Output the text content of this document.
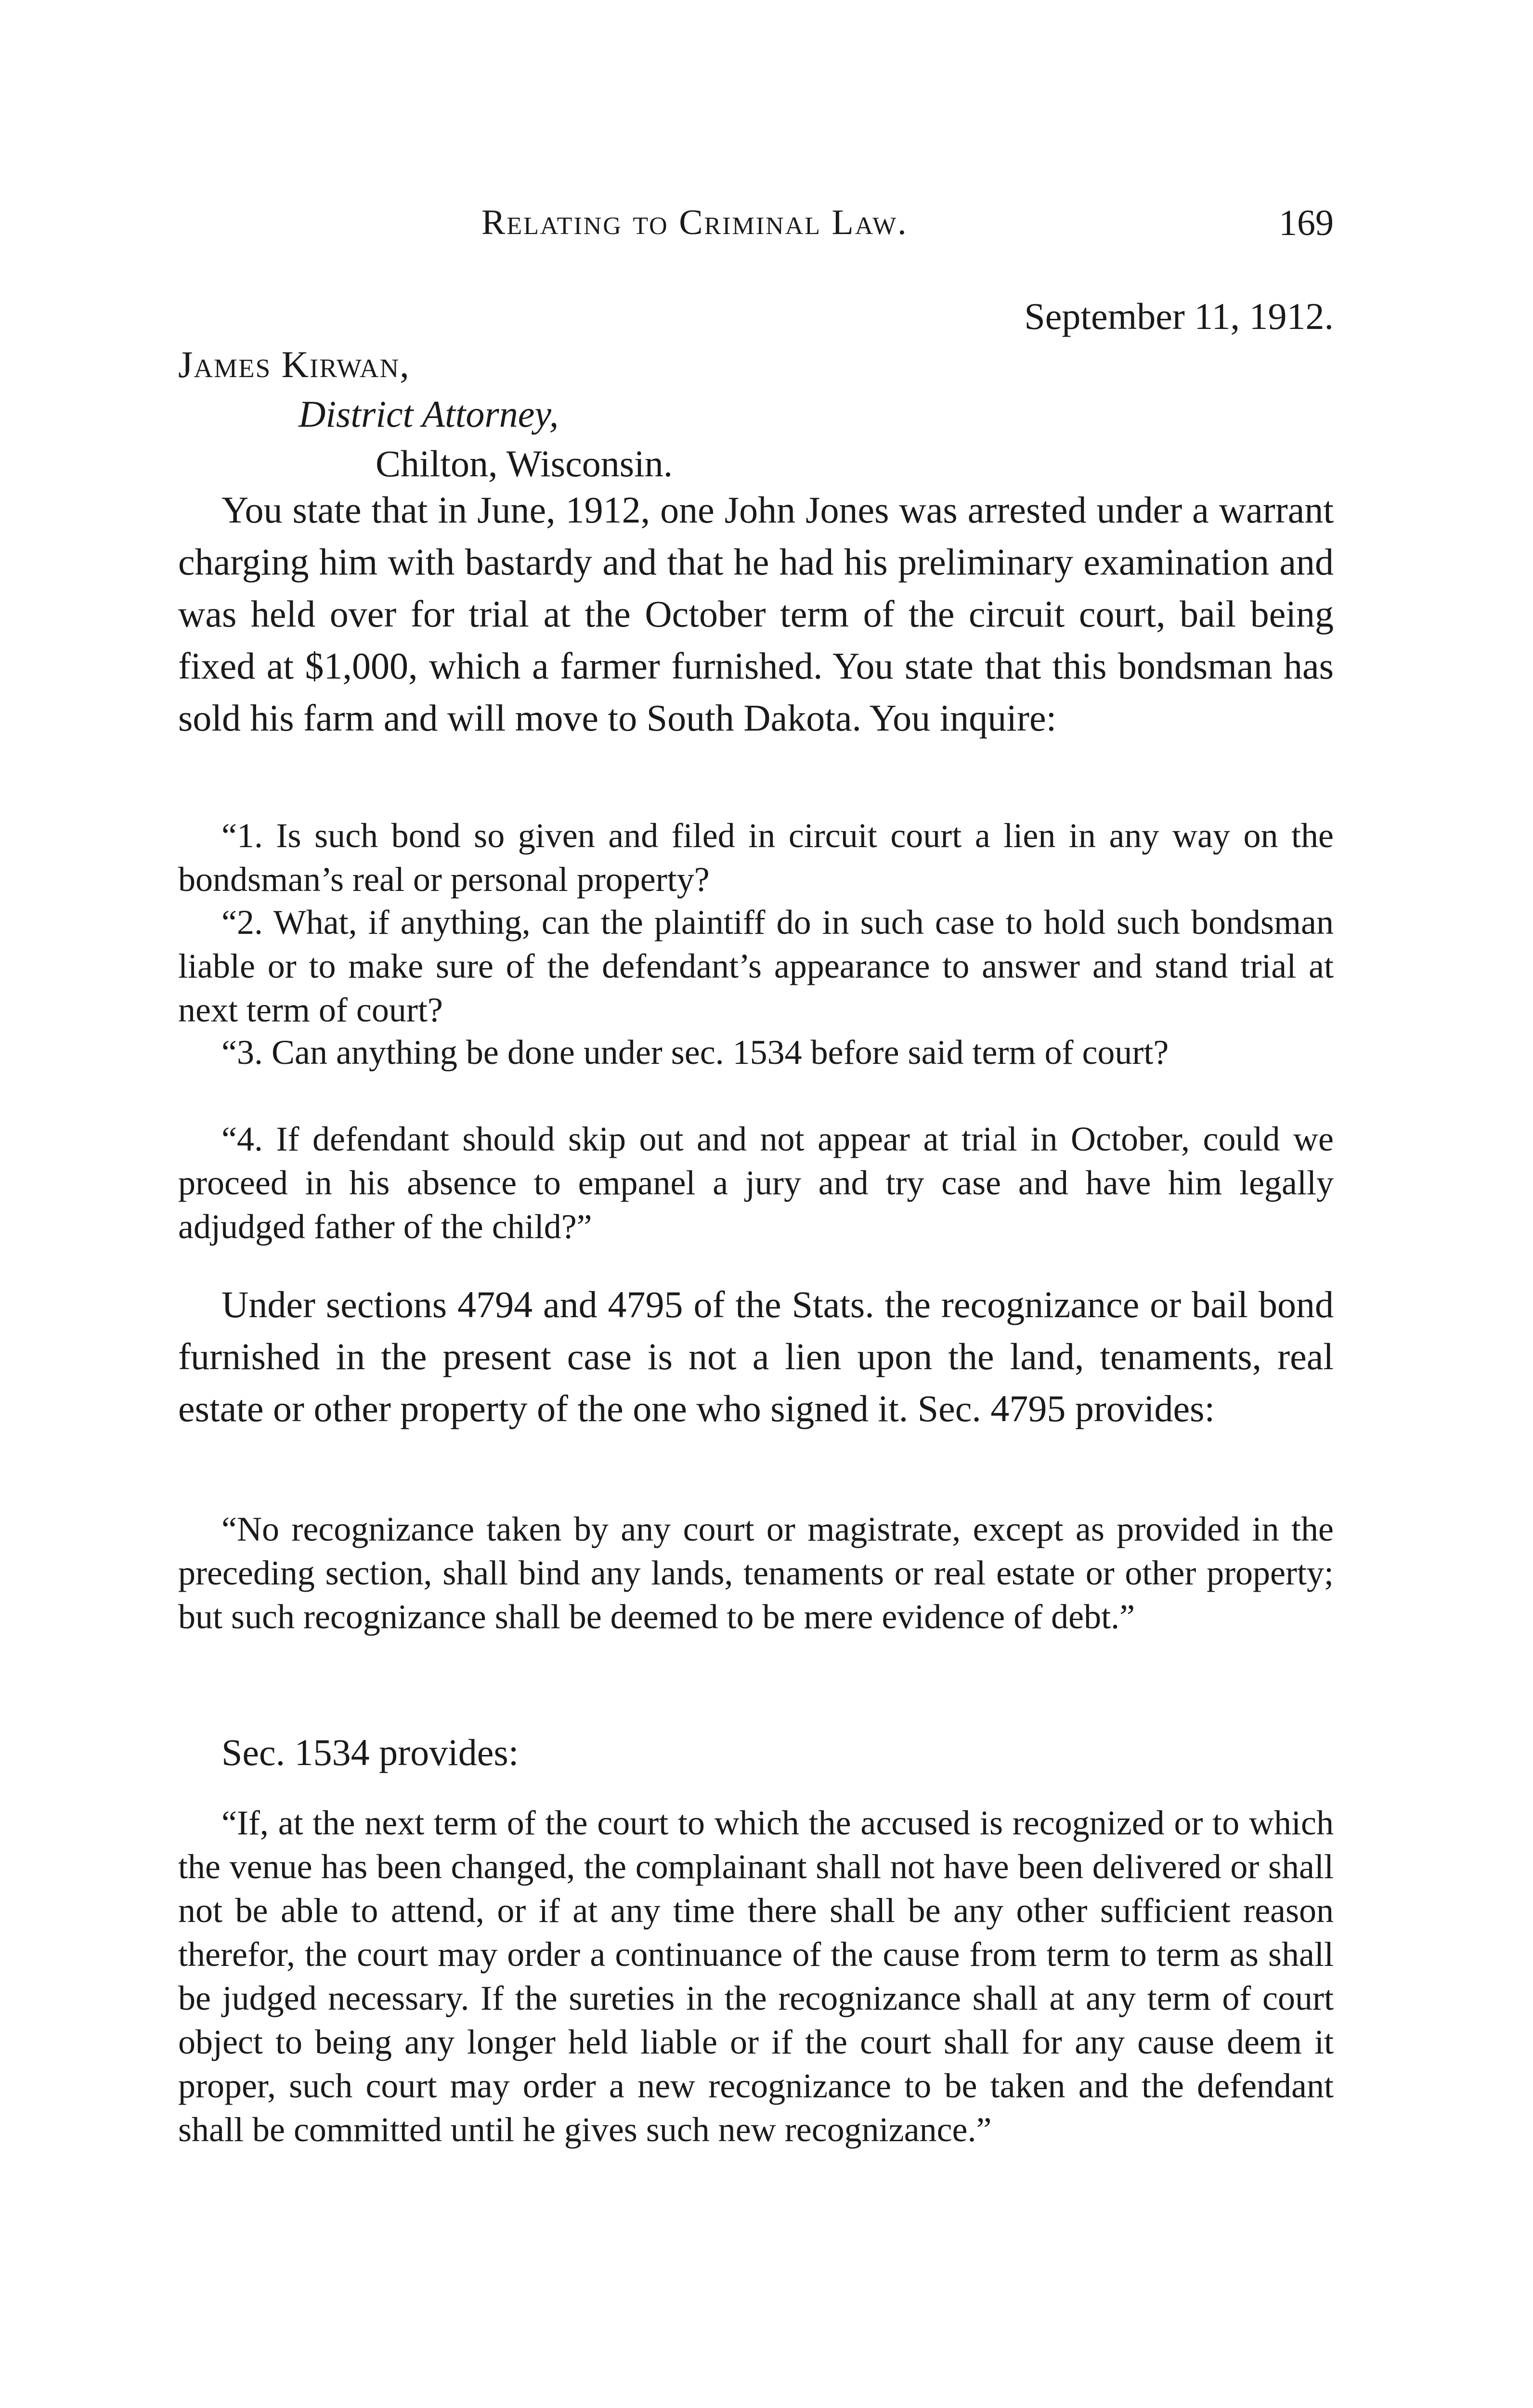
Relating to Criminal Law.	169
September 11, 1912.
James Kirwan,
District Attorney,
Chilton, Wisconsin.

You state that in June, 1912, one John Jones was arrested under a warrant charging him with bastardy and that he had his preliminary examination and was held over for trial at the October term of the circuit court, bail being fixed at $1,000, which a farmer furnished. You state that this bondsman has sold his farm and will move to South Dakota. You inquire:

“1. Is such bond so given and filed in circuit court a lien in any way on the bondsman’s real or personal property?

“2. What, if anything, can the plaintiff do in such case to hold such bondsman liable or to make sure of the defendant’s appearance to answer and stand trial at next term of court?

“3. Can anything be done under sec. 1534 before said term of court?

“4. If defendant should skip out and not appear at trial in October, could we proceed in his absence to empanel a jury and try case and have him legally adjudged father of the child?”

Under sections 4794 and 4795 of the Stats. the recognizance or bail bond furnished in the present case is not a lien upon the land, tenaments, real estate or other property of the one who signed it. Sec. 4795 provides:

“No recognizance taken by any court or magistrate, except as provided in the preceding section, shall bind any lands, tenaments or real estate or other property; but such recognizance shall be deemed to be mere evidence of debt.”

Sec. 1534 provides:

“If, at the next term of the court to which the accused is recognized or to which the venue has been changed, the complainant shall not have been delivered or shall not be able to attend, or if at any time there shall be any other sufficient reason therefor, the court may order a continuance of the cause from term to term as shall be judged necessary. If the sureties in the recognizance shall at any term of court object to being any longer held liable or if the court shall for any cause deem it proper, such court may order a new recognizance to be taken and the defendant shall be committed until he gives such new recognizance.”
